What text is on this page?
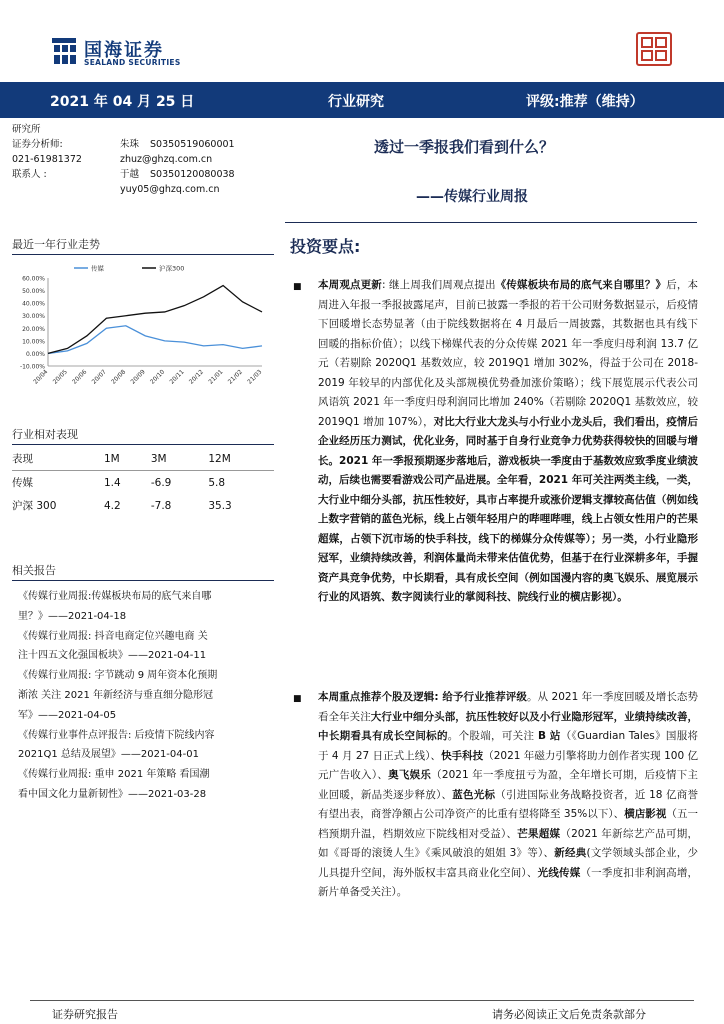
国海证券
SEALAND SECURITIES
2021 年 04 月 25 日	行业研究	评级:推荐（维持）
研究所
证券分析师:	朱珠 S0350519060001
021-61981372	zhuz@ghzq.com.cn
联系人 :	于越 S0350120080038
yuy05@ghzq.com.cn
透过一季报我们看到什么？
——传媒行业周报
最近一年行业走势
60.00%
50.00%
40.00%
30.00%
20.00%
10.00%
0.00%
-10.00%
20/04 20/05 20/06 20/07 20/08 20/09 20/10 20/11 20/12 21/01 21/02 21/03
传媒	沪深300
行业相对表现
表现	1M	3M	12M
传媒	1.4	-6.9	5.8
沪深 300	4.2	-7.8	35.3
相关报告
《传媒行业周报:传媒板块布局的底气来自哪
里？》——2021-04-18
《传媒行业周报: 抖音电商定位兴趣电商 关
注十四五文化强国板块》——2021-04-11
《传媒行业周报: 字节跳动 9 周年资本化预期
渐浓 关注 2021 年新经济与垂直细分隐形冠
军》——2021-04-05
《传媒行业事件点评报告: 后疫情下院线内容
2021Q1 总结及展望》——2021-04-01
《传媒行业周报: 重申 2021 年策略 看国潮
看中国文化力量新韧性》——2021-03-28
投资要点:
■ 本周观点更新: 继上周我们周观点提出《传媒板块布局的底气来自哪里？》后，本周进入年报一季报披露尾声，目前已披露一季报的若干公司财务数据显示，后疫情下回暖增长态势显著（由于院线数据将在 4 月最后一周披露，其数据也具有线下回暖的指标价值）；以线下梯媒代表的分众传媒 2021 年一季度归母利润 13.7 亿元（若剔除 2020Q1 基数效应，较 2019Q1 增加 302%，得益于公司在 2018-2019 年较早的内部优化及头部规模优势叠加涨价策略）；线下展览展示代表公司风语筑 2021 年一季度归母利润同比增加 240%（若剔除 2020Q1 基数效应，较 2019Q1 增加 107%），对比大行业大龙头与小行业小龙头后，我们看出，疫情后企业经历压力测试，优化业务，同时基于自身行业竞争力优势获得较快的回暖与增长。2021 年一季报预期逐步落地后，游戏板块一季度由于基数效应致季度业绩波动，后续也需要看游戏公司产品进展。全年看，2021 年可关注两类主线，一类，大行业中细分头部，抗压性较好，具市占率提升或涨价逻辑支撑较高估值（例如线上数字营销的蓝色光标，线上占领年轻用户的哔哩哔哩，线上占领女性用户的芒果超媒，占领下沉市场的快手科技，线下的梯媒分众传媒等）；另一类，小行业隐形冠军，业绩持续改善，利润体量尚未带来估值优势，但基于在行业深耕多年，手握资产具竞争优势，中长期看，具有成长空间（例如国漫内容的奥飞娱乐、展览展示行业的风语筑、数字阅读行业的掌阅科技、院线行业的横店影视）。
■ 本周重点推荐个股及逻辑: 给予行业推荐评级。从 2021 年一季度回暖及增长态势看全年关注大行业中细分头部，抗压性较好以及小行业隐形冠军，业绩持续改善，中长期看具有成长空间标的。个股端，可关注 B 站（《Guardian Tales》国服将于 4 月 27 日正式上线）、快手科技（2021 年磁力引擎将助力创作者实现 100 亿元广告收入）、奥飞娱乐（2021 年一季度扭亏为盈，全年增长可期，后疫情下主业回暖，新品类逐步释放）、蓝色光标（引进国际业务战略投资者，近 18 亿商誉有望出表，商誉净额占公司净资产的比重有望将降至 35%以下）、横店影视（五一档预期升温，档期效应下院线相对受益）、芒果超媒（2021 年新综艺产品可期，如《哥哥的滚烫人生》《乘风破浪的姐姐 3》等）、新经典(文学领域头部企业，少儿具提升空间，海外版权丰富具商业化空间）、光线传媒（一季度扣非利润高增，新片单备受关注）。
证券研究报告	请务必阅读正文后免责条款部分
